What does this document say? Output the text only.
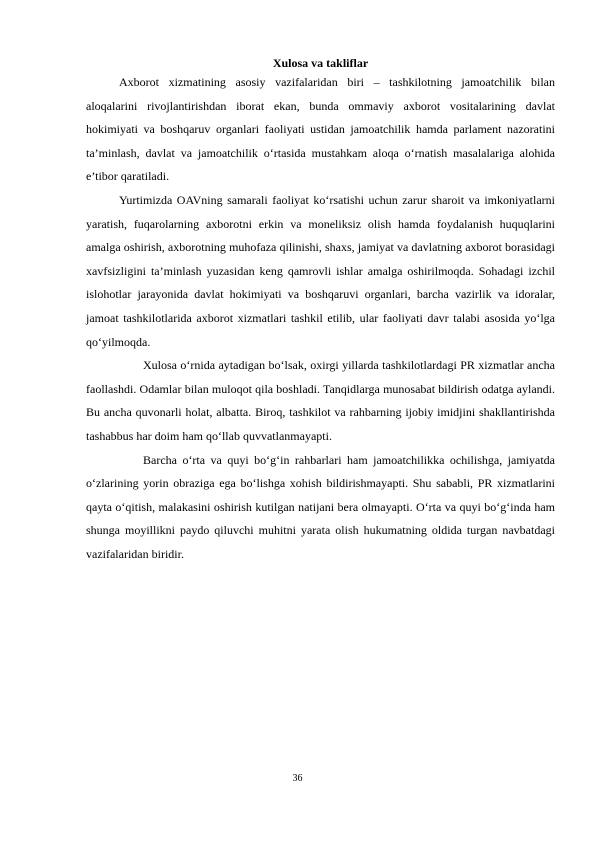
Xulosa va takliflar

Axborot xizmatining asosiy vazifalaridan biri – tashkilotning jamoatchilik bilan aloqalarini rivojlantirishdan iborat ekan, bunda ommaviy axborot vositalarining davlat hokimiyati va boshqaruv organlari faoliyati ustidan jamoatchilik hamda parlament nazoratini ta’minlash, davlat va jamoatchilik o‘rtasida mustahkam aloqa o‘rnatish masalalariga alohida e’tibor qaratiladi.

Yurtimizda OAVning samarali faoliyat ko‘rsatishi uchun zarur sharoit va imkoniyatlarni yaratish, fuqarolarning axborotni erkin va moneliksiz olish hamda foydalanish huquqlarini amalga oshirish, axborotning muhofaza qilinishi, shaxs, jamiyat va davlatning axborot borasidagi xavfsizligini ta’minlash yuzasidan keng qamrovli ishlar amalga oshirilmoqda. Sohadagi izchil islohotlar jarayonida davlat hokimiyati va boshqaruvi organlari, barcha vazirlik va idoralar, jamoat tashkilotlarida axborot xizmatlari tashkil etilib, ular faoliyati davr talabi asosida yo‘lga qo‘yilmoqda.

Xulosa o‘rnida aytadigan bo‘lsak, oxirgi yillarda tashkilotlardagi PR xizmatlar ancha faollashdi. Odamlar bilan muloqot qila boshladi. Tanqidlarga munosabat bildirish odatga aylandi. Bu ancha quvonarli holat, albatta. Biroq, tashkilot va rahbarning ijobiy imidjini shakllantirishda tashabbus har doim ham qo‘llab quvvatlanmayapti.

Barcha o‘rta va quyi bo‘g‘in rahbarlari ham jamoatchilikka ochilishga, jamiyatda o‘zlarining yorin obraziga ega bo‘lishga xohish bildirishmayapti. Shu sababli, PR xizmatlarini qayta o‘qitish, malakasini oshirish kutilgan natijani bera olmayapti. O‘rta va quyi bo‘g‘inda ham shunga moyillikni paydo qiluvchi muhitni yarata olish hukumatning oldida turgan navbatdagi vazifalaridan biridir.

36
